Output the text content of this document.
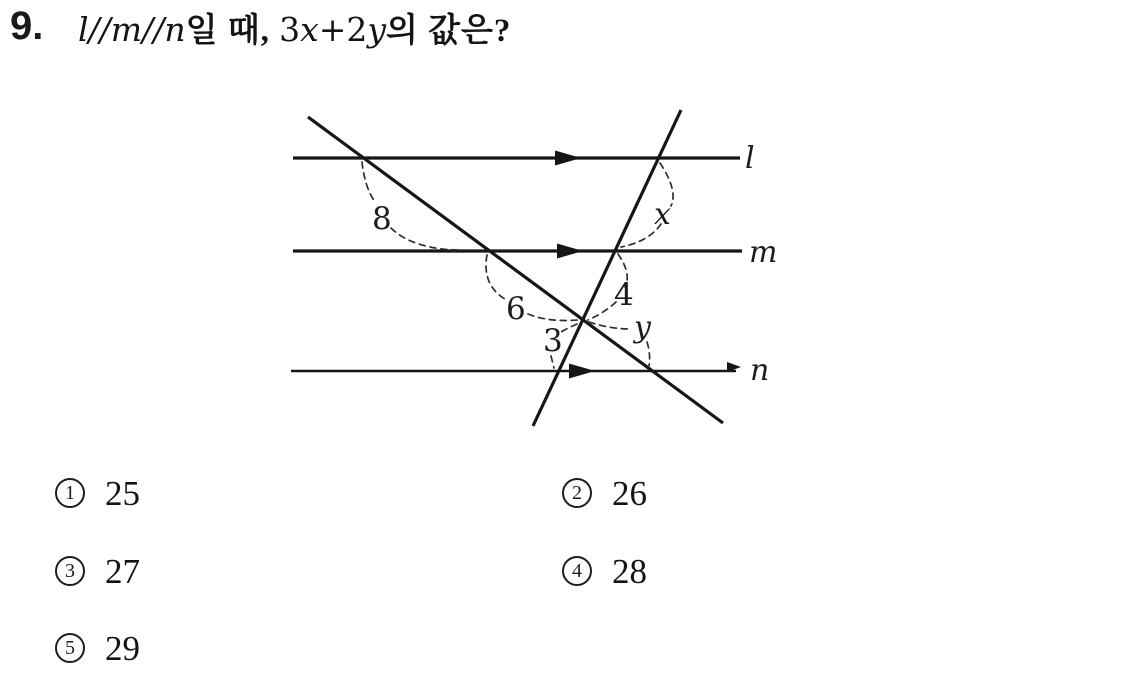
9. l//m//n일 때, 3x+2y의 값은?
l
m
n
8
6
3
4
x
y
1 25	2 26
3 27	4 28
5 29
